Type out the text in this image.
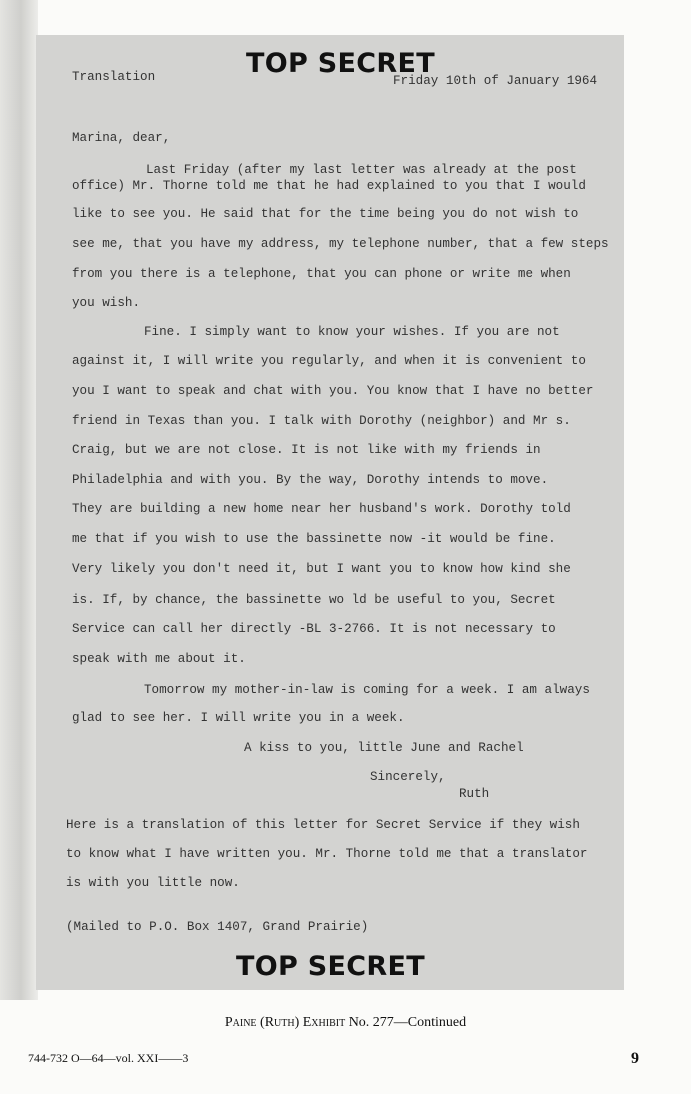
TOP SECRET
Translation	Friday 10th of January 1964
Marina, dear,
Last Friday (after my last letter was already at the post
office) Mr. Thorne told me that he had explained to you that I would
like to see you. He said that for the time being you do not wish to
see me, that you have my address, my telephone number, that a few steps
from you there is a telephone, that you can phone or write me when
you wish.
Fine. I simply want to know your wishes. If you are not
against it, I will write you regularly, and when it is convenient to
you I want to speak and chat with you. You know that I have no better
friend in Texas than you. I talk with Dorothy (neighbor) and Mr s.
Craig, but we are not close. It is not like with my friends in
Philadelphia and with you. By the way, Dorothy intends to move.
They are building a new home near her husband's work. Dorothy told
me that if you wish to use the bassinette now -it would be fine.
Very likely you don't need it, but I want you to know how kind she
is. If, by chance, the bassinette wo ld be useful to you, Secret
Service can call her directly -BL 3-2766. It is not necessary to
speak with me about it.
Tomorrow my mother-in-law is coming for a week. I am always
glad to see her. I will write you in a week.
A kiss to you, little June and Rachel
Sincerely,
Ruth
Here is a translation of this letter for Secret Service if they wish
to know what I have written you. Mr. Thorne told me that a translator
is with you little now.
(Mailed to P.O. Box 1407, Grand Prairie)
TOP SECRET
Paine (Ruth) Exhibit No. 277—Continued
744-732 O—64—vol. XXI——3	9
